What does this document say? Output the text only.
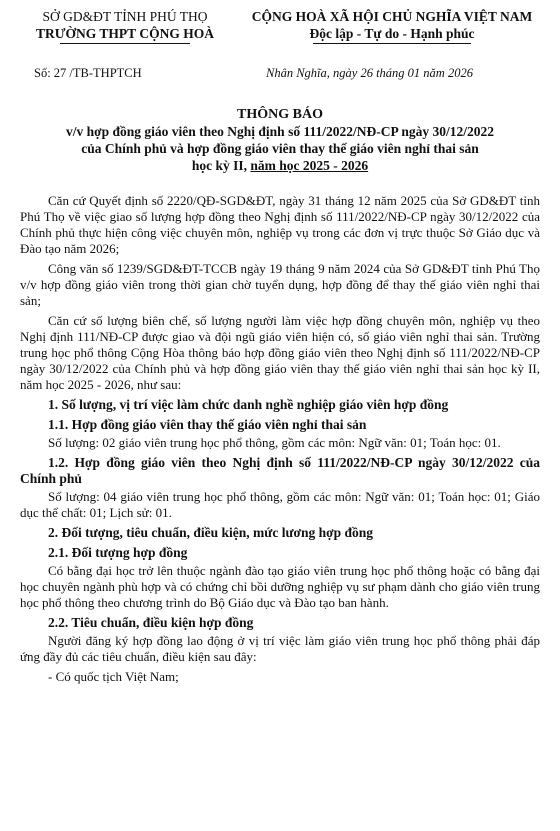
SỞ GD&ĐT TỈNH PHÚ THỌ
TRƯỜNG THPT CỘNG HOÀ
CỘNG HOÀ XÃ HỘI CHỦ NGHĨA VIỆT NAM
Độc lập - Tự do - Hạnh phúc
Số: 27 /TB-THPTCH	Nhân Nghĩa, ngày 26 tháng 01 năm 2026
THÔNG BÁO
v/v hợp đồng giáo viên theo Nghị định số 111/2022/NĐ-CP ngày 30/12/2022
của Chính phủ và hợp đồng giáo viên thay thế giáo viên nghỉ thai sản
học kỳ II, năm học 2025 - 2026

Căn cứ Quyết định số 2220/QĐ-SGD&ĐT, ngày 31 tháng 12 năm 2025 của Sở GD&ĐT tỉnh Phú Thọ về việc giao số lượng hợp đồng theo Nghị định số 111/2022/NĐ-CP ngày 30/12/2022 của Chính phủ thực hiện công việc chuyên môn, nghiệp vụ trong các đơn vị trực thuộc Sở Giáo dục và Đào tạo năm 2026;

Công văn số 1239/SGD&ĐT-TCCB ngày 19 tháng 9 năm 2024 của Sở GD&ĐT tỉnh Phú Thọ v/v hợp đồng giáo viên trong thời gian chờ tuyển dụng, hợp đồng để thay thế giáo viên nghỉ thai sản;

Căn cứ số lượng biên chế, số lượng người làm việc hợp đồng chuyên môn, nghiệp vụ theo Nghị định 111/NĐ-CP được giao và đội ngũ giáo viên hiện có, số giáo viên nghỉ thai sản. Trường trung học phổ thông Cộng Hòa thông báo hợp đồng giáo viên theo Nghị định số 111/2022/NĐ-CP ngày 30/12/2022 của Chính phủ và hợp đồng giáo viên thay thế giáo viên nghỉ thai sản học kỳ II, năm học 2025 - 2026, như sau:

1. Số lượng, vị trí việc làm chức danh nghề nghiệp giáo viên hợp đồng
1.1. Hợp đồng giáo viên thay thế giáo viên nghỉ thai sản

Số lượng: 02 giáo viên trung học phổ thông, gồm các môn: Ngữ văn: 01; Toán học: 01.

1.2. Hợp đồng giáo viên theo Nghị định số 111/2022/NĐ-CP ngày 30/12/2022 của Chính phủ

Số lượng: 04 giáo viên trung học phổ thông, gồm các môn: Ngữ văn: 01; Toán học: 01; Giáo dục thể chất: 01; Lịch sử: 01.

2. Đối tượng, tiêu chuẩn, điều kiện, mức lương hợp đồng
2.1. Đối tượng hợp đồng

Có bằng đại học trở lên thuộc ngành đào tạo giáo viên trung học phổ thông hoặc có bằng đại học chuyên ngành phù hợp và có chứng chỉ bồi dưỡng nghiệp vụ sư phạm dành cho giáo viên trung học phổ thông theo chương trình do Bộ Giáo dục và Đào tạo ban hành.

2.2. Tiêu chuẩn, điều kiện hợp đồng

Người đăng ký hợp đồng lao động ở vị trí việc làm giáo viên trung học phổ thông phải đáp ứng đầy đủ các tiêu chuẩn, điều kiện sau đây:

- Có quốc tịch Việt Nam;
